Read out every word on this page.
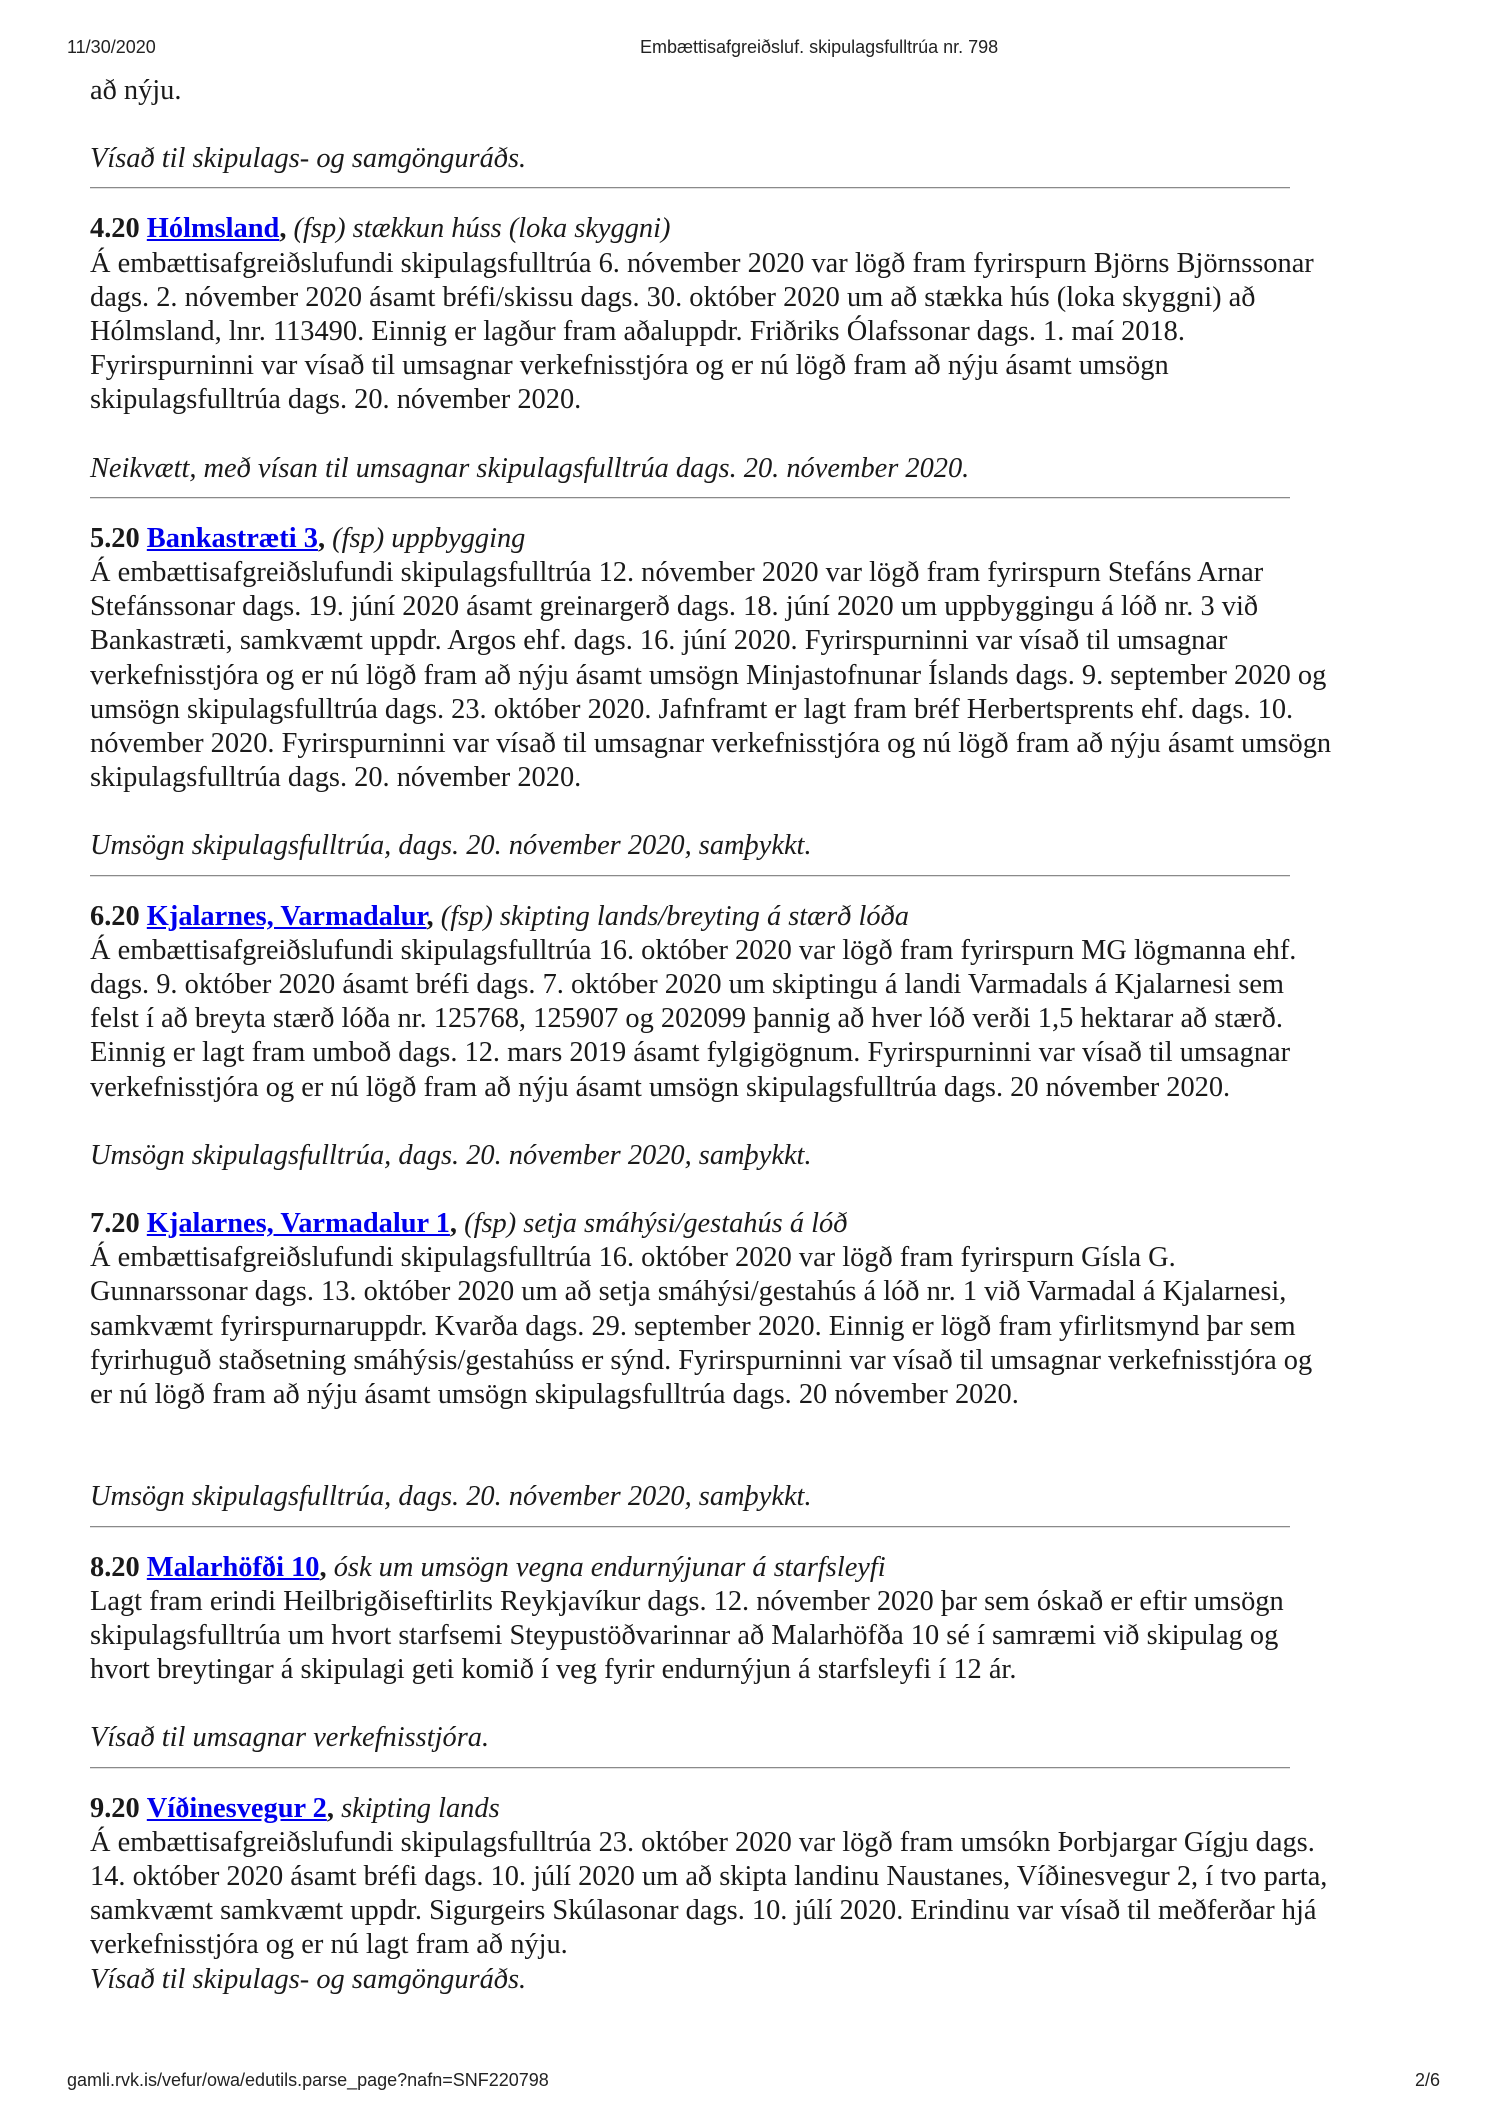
11/30/2020	Embættisafgreiðsluf. skipulagsfulltrúa nr. 798

að nýju.

Vísað til skipulags- og samgönguráðs.

4.20 Hólmsland, (fsp) stækkun húss (loka skyggni)

Á embættisafgreiðslufundi skipulagsfulltrúa 6. nóvember 2020 var lögð fram fyrirspurn Björns Björnssonar

dags. 2. nóvember 2020 ásamt bréfi/skissu dags. 30. október 2020 um að stækka hús (loka skyggni) að

Hólmsland, lnr. 113490. Einnig er lagður fram aðaluppdr. Friðriks Ólafssonar dags. 1. maí 2018.

Fyrirspurninni var vísað til umsagnar verkefnisstjóra og er nú lögð fram að nýju ásamt umsögn

skipulagsfulltrúa dags. 20. nóvember 2020.

Neikvætt, með vísan til umsagnar skipulagsfulltrúa dags. 20. nóvember 2020.

5.20 Bankastræti 3, (fsp) uppbygging

Á embættisafgreiðslufundi skipulagsfulltrúa 12. nóvember 2020 var lögð fram fyrirspurn Stefáns Arnar

Stefánssonar dags. 19. júní 2020 ásamt greinargerð dags. 18. júní 2020 um uppbyggingu á lóð nr. 3 við

Bankastræti, samkvæmt uppdr. Argos ehf. dags. 16. júní 2020. Fyrirspurninni var vísað til umsagnar

verkefnisstjóra og er nú lögð fram að nýju ásamt umsögn Minjastofnunar Íslands dags. 9. september 2020 og

umsögn skipulagsfulltrúa dags. 23. október 2020. Jafnframt er lagt fram bréf Herbertsprents ehf. dags. 10.

nóvember 2020. Fyrirspurninni var vísað til umsagnar verkefnisstjóra og nú lögð fram að nýju ásamt umsögn

skipulagsfulltrúa dags. 20. nóvember 2020.

Umsögn skipulagsfulltrúa, dags. 20. nóvember 2020, samþykkt.

6.20 Kjalarnes, Varmadalur, (fsp) skipting lands/breyting á stærð lóða

Á embættisafgreiðslufundi skipulagsfulltrúa 16. október 2020 var lögð fram fyrirspurn MG lögmanna ehf.

dags. 9. október 2020 ásamt bréfi dags. 7. október 2020 um skiptingu á landi Varmadals á Kjalarnesi sem

felst í að breyta stærð lóða nr. 125768, 125907 og 202099 þannig að hver lóð verði 1,5 hektarar að stærð.

Einnig er lagt fram umboð dags. 12. mars 2019 ásamt fylgigögnum. Fyrirspurninni var vísað til umsagnar

verkefnisstjóra og er nú lögð fram að nýju ásamt umsögn skipulagsfulltrúa dags. 20 nóvember 2020.

Umsögn skipulagsfulltrúa, dags. 20. nóvember 2020, samþykkt.

7.20 Kjalarnes, Varmadalur 1, (fsp) setja smáhýsi/gestahús á lóð

Á embættisafgreiðslufundi skipulagsfulltrúa 16. október 2020 var lögð fram fyrirspurn Gísla G.

Gunnarssonar dags. 13. október 2020 um að setja smáhýsi/gestahús á lóð nr. 1 við Varmadal á Kjalarnesi,

samkvæmt fyrirspurnaruppdr. Kvarða dags. 29. september 2020. Einnig er lögð fram yfirlitsmynd þar sem

fyrirhuguð staðsetning smáhýsis/gestahúss er sýnd. Fyrirspurninni var vísað til umsagnar verkefnisstjóra og

er nú lögð fram að nýju ásamt umsögn skipulagsfulltrúa dags. 20 nóvember 2020.

Umsögn skipulagsfulltrúa, dags. 20. nóvember 2020, samþykkt.

8.20 Malarhöfði 10, ósk um umsögn vegna endurnýjunar á starfsleyfi

Lagt fram erindi Heilbrigðiseftirlits Reykjavíkur dags. 12. nóvember 2020 þar sem óskað er eftir umsögn

skipulagsfulltrúa um hvort starfsemi Steypustöðvarinnar að Malarhöfða 10 sé í samræmi við skipulag og

hvort breytingar á skipulagi geti komið í veg fyrir endurnýjun á starfsleyfi í 12 ár.

Vísað til umsagnar verkefnisstjóra.

9.20 Víðinesvegur 2, skipting lands

Á embættisafgreiðslufundi skipulagsfulltrúa 23. október 2020 var lögð fram umsókn Þorbjargar Gígju dags.

14. október 2020 ásamt bréfi dags. 10. júlí 2020 um að skipta landinu Naustanes, Víðinesvegur 2, í tvo parta,

samkvæmt samkvæmt uppdr. Sigurgeirs Skúlasonar dags. 10. júlí 2020. Erindinu var vísað til meðferðar hjá

verkefnisstjóra og er nú lagt fram að nýju.

Vísað til skipulags- og samgönguráðs.

gamli.rvk.is/vefur/owa/edutils.parse_page?nafn=SNF220798	2/6
